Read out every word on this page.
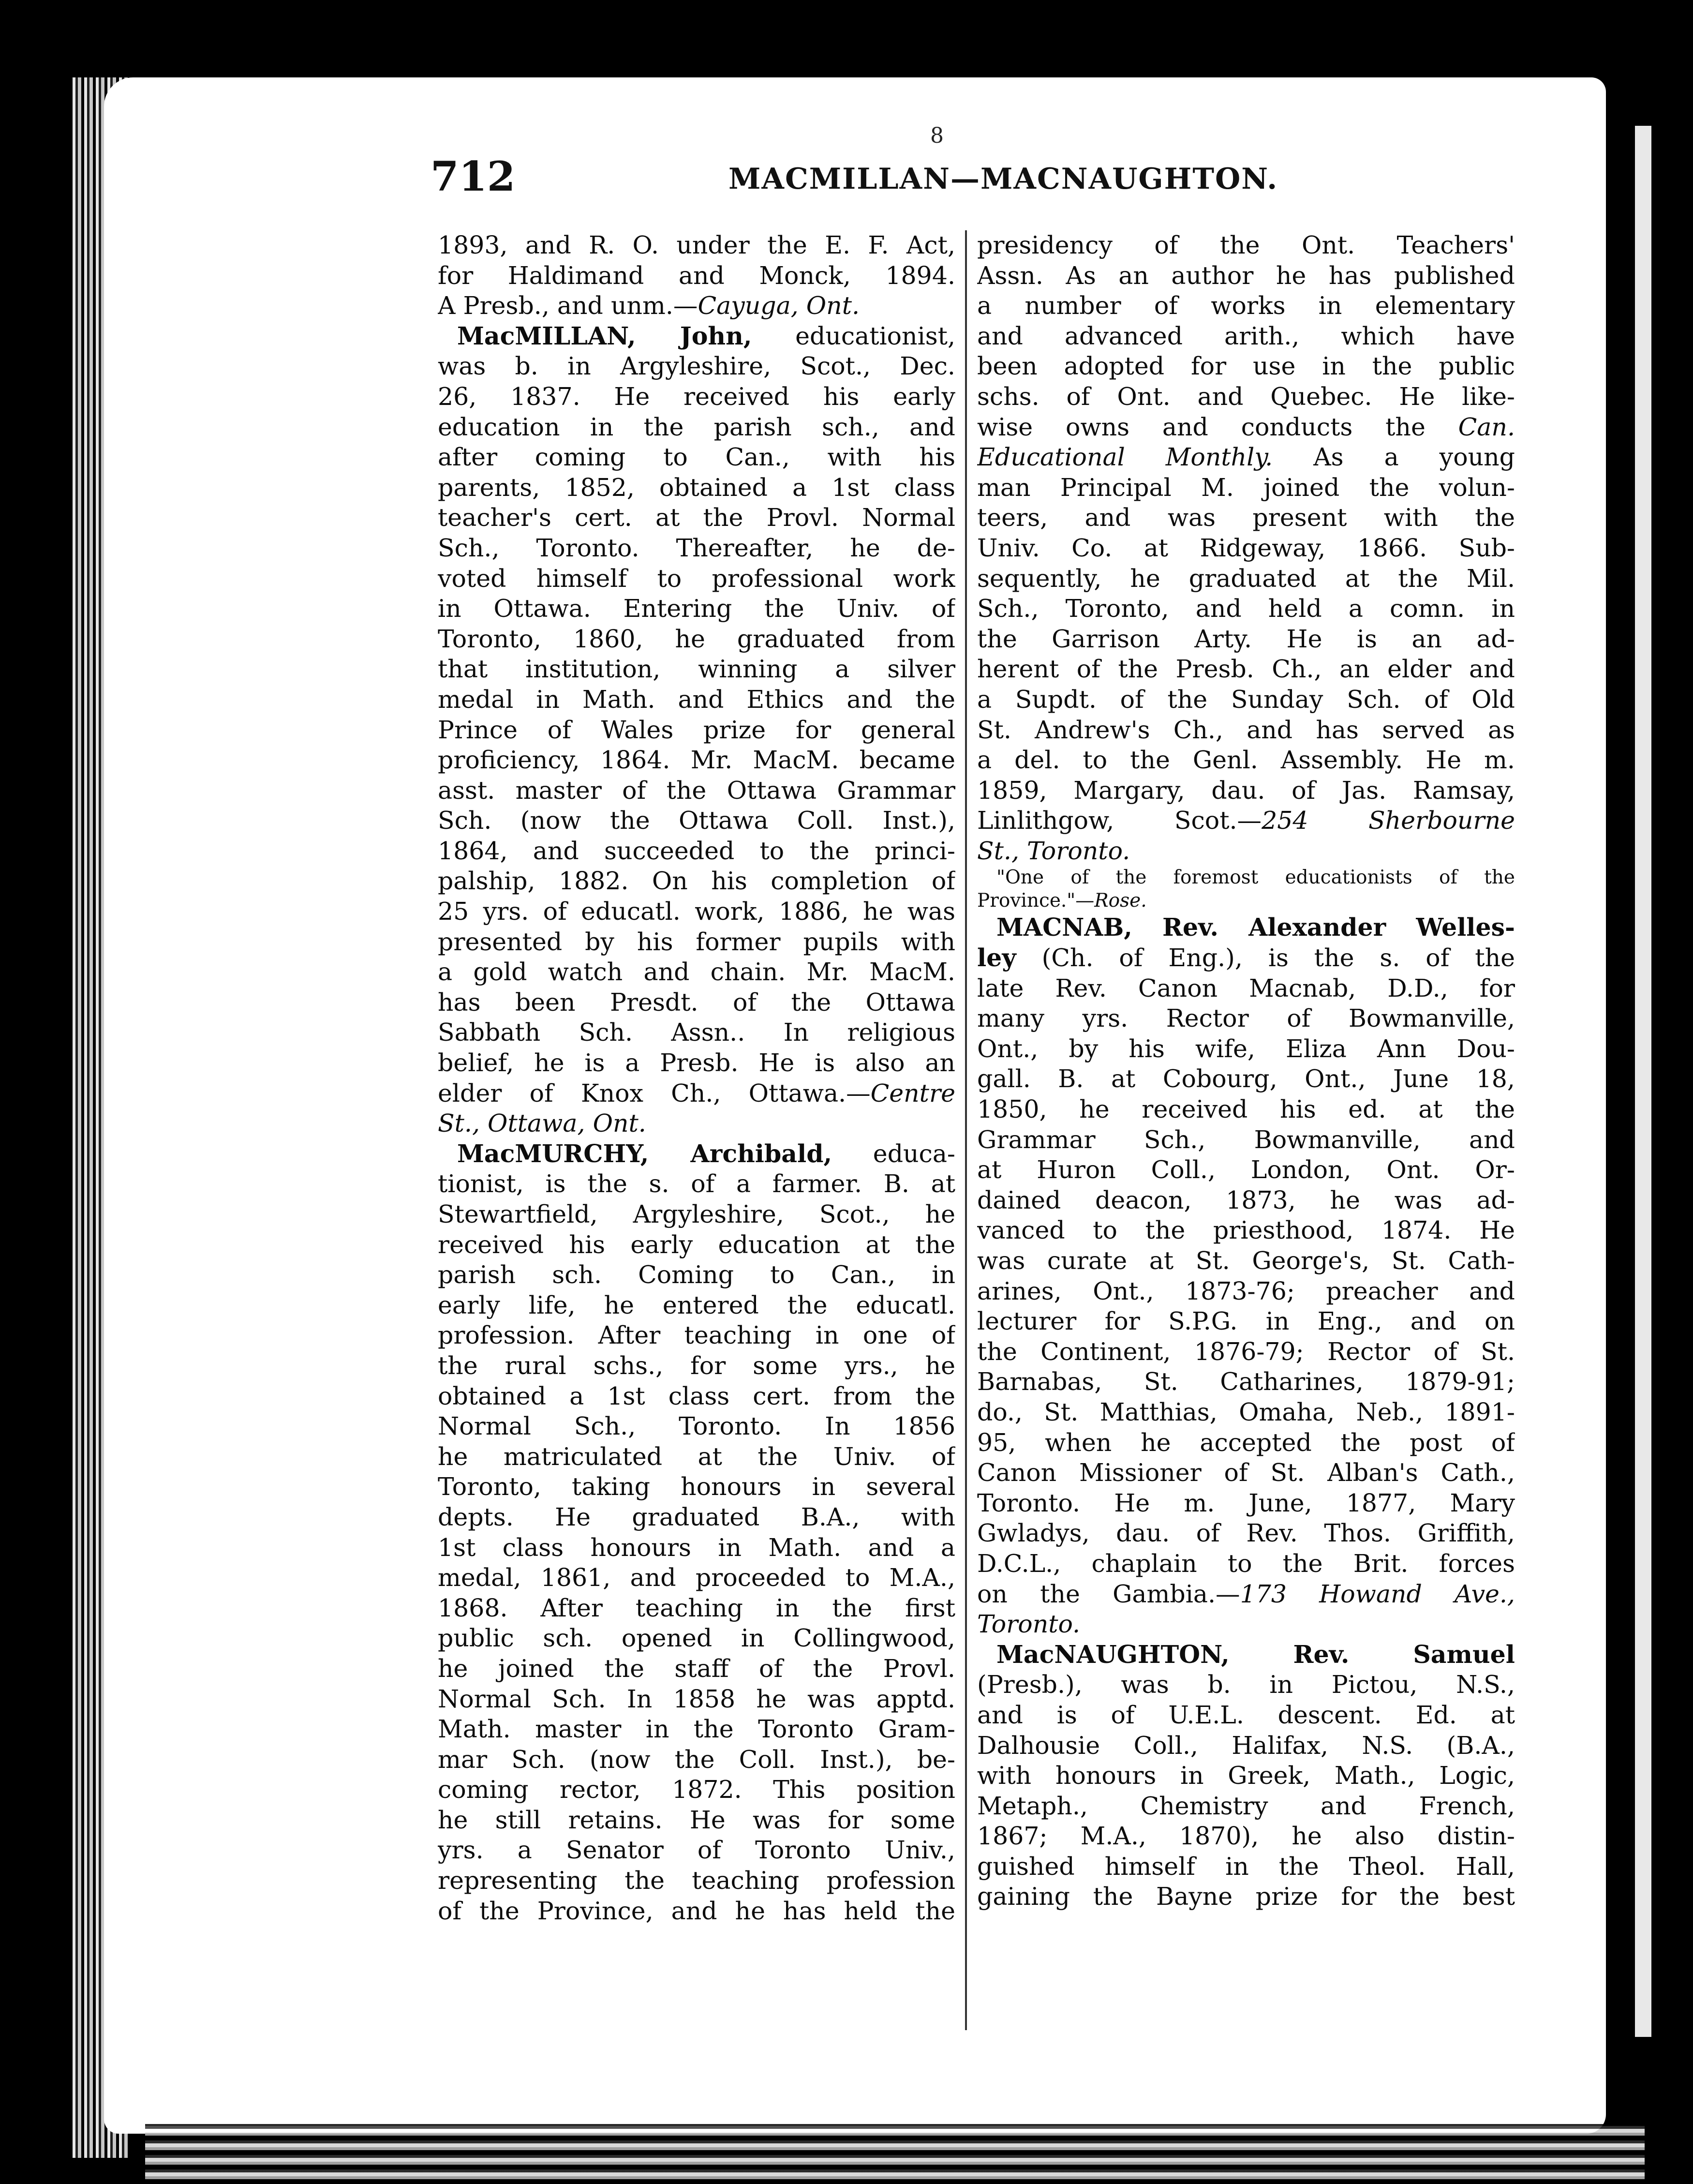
8
712	MACMILLAN—MACNAUGHTON.
1893, and R. O. under the E. F. Act,
for Haldimand and Monck, 1894.
A Presb., and unm.—Cayuga, Ont.
MacMILLAN, John, educationist,
was b. in Argyleshire, Scot., Dec.
26, 1837. He received his early
education in the parish sch., and
after coming to Can., with his
parents, 1852, obtained a 1st class
teacher's cert. at the Provl. Normal
Sch., Toronto. Thereafter, he de-
voted himself to professional work
in Ottawa. Entering the Univ. of
Toronto, 1860, he graduated from
that institution, winning a silver
medal in Math. and Ethics and the
Prince of Wales prize for general
proficiency, 1864. Mr. MacM. became
asst. master of the Ottawa Grammar
Sch. (now the Ottawa Coll. Inst.),
1864, and succeeded to the princi-
palship, 1882. On his completion of
25 yrs. of educatl. work, 1886, he was
presented by his former pupils with
a gold watch and chain. Mr. MacM.
has been Presdt. of the Ottawa
Sabbath Sch. Assn.. In religious
belief, he is a Presb. He is also an
elder of Knox Ch., Ottawa.—Centre
St., Ottawa, Ont.
MacMURCHY, Archibald, educa-
tionist, is the s. of a farmer. B. at
Stewartfield, Argyleshire, Scot., he
received his early education at the
parish sch. Coming to Can., in
early life, he entered the educatl.
profession. After teaching in one of
the rural schs., for some yrs., he
obtained a 1st class cert. from the
Normal Sch., Toronto. In 1856
he matriculated at the Univ. of
Toronto, taking honours in several
depts. He graduated B.A., with
1st class honours in Math. and a
medal, 1861, and proceeded to M.A.,
1868. After teaching in the first
public sch. opened in Collingwood,
he joined the staff of the Provl.
Normal Sch. In 1858 he was apptd.
Math. master in the Toronto Gram-
mar Sch. (now the Coll. Inst.), be-
coming rector, 1872. This position
he still retains. He was for some
yrs. a Senator of Toronto Univ.,
representing the teaching profession
of the Province, and he has held the
presidency of the Ont. Teachers'
Assn. As an author he has published
a number of works in elementary
and advanced arith., which have
been adopted for use in the public
schs. of Ont. and Quebec. He like-
wise owns and conducts the Can.
Educational Monthly. As a young
man Principal M. joined the volun-
teers, and was present with the
Univ. Co. at Ridgeway, 1866. Sub-
sequently, he graduated at the Mil.
Sch., Toronto, and held a comn. in
the Garrison Arty. He is an ad-
herent of the Presb. Ch., an elder and
a Supdt. of the Sunday Sch. of Old
St. Andrew's Ch., and has served as
a del. to the Genl. Assembly. He m.
1859, Margary, dau. of Jas. Ramsay,
Linlithgow, Scot.—254 Sherbourne
St., Toronto.
"One of the foremost educationists of the
Province."—Rose.
MACNAB, Rev. Alexander Welles-
ley (Ch. of Eng.), is the s. of the
late Rev. Canon Macnab, D.D., for
many yrs. Rector of Bowmanville,
Ont., by his wife, Eliza Ann Dou-
gall. B. at Cobourg, Ont., June 18,
1850, he received his ed. at the
Grammar Sch., Bowmanville, and
at Huron Coll., London, Ont. Or-
dained deacon, 1873, he was ad-
vanced to the priesthood, 1874. He
was curate at St. George's, St. Cath-
arines, Ont., 1873-76; preacher and
lecturer for S.P.G. in Eng., and on
the Continent, 1876-79; Rector of St.
Barnabas, St. Catharines, 1879-91;
do., St. Matthias, Omaha, Neb., 1891-
95, when he accepted the post of
Canon Missioner of St. Alban's Cath.,
Toronto. He m. June, 1877, Mary
Gwladys, dau. of Rev. Thos. Griffith,
D.C.L., chaplain to the Brit. forces
on the Gambia.—173 Howand Ave.,
Toronto.
MacNAUGHTON, Rev. Samuel
(Presb.), was b. in Pictou, N.S.,
and is of U.E.L. descent. Ed. at
Dalhousie Coll., Halifax, N.S. (B.A.,
with honours in Greek, Math., Logic,
Metaph., Chemistry and French,
1867; M.A., 1870), he also distin-
guished himself in the Theol. Hall,
gaining the Bayne prize for the best
